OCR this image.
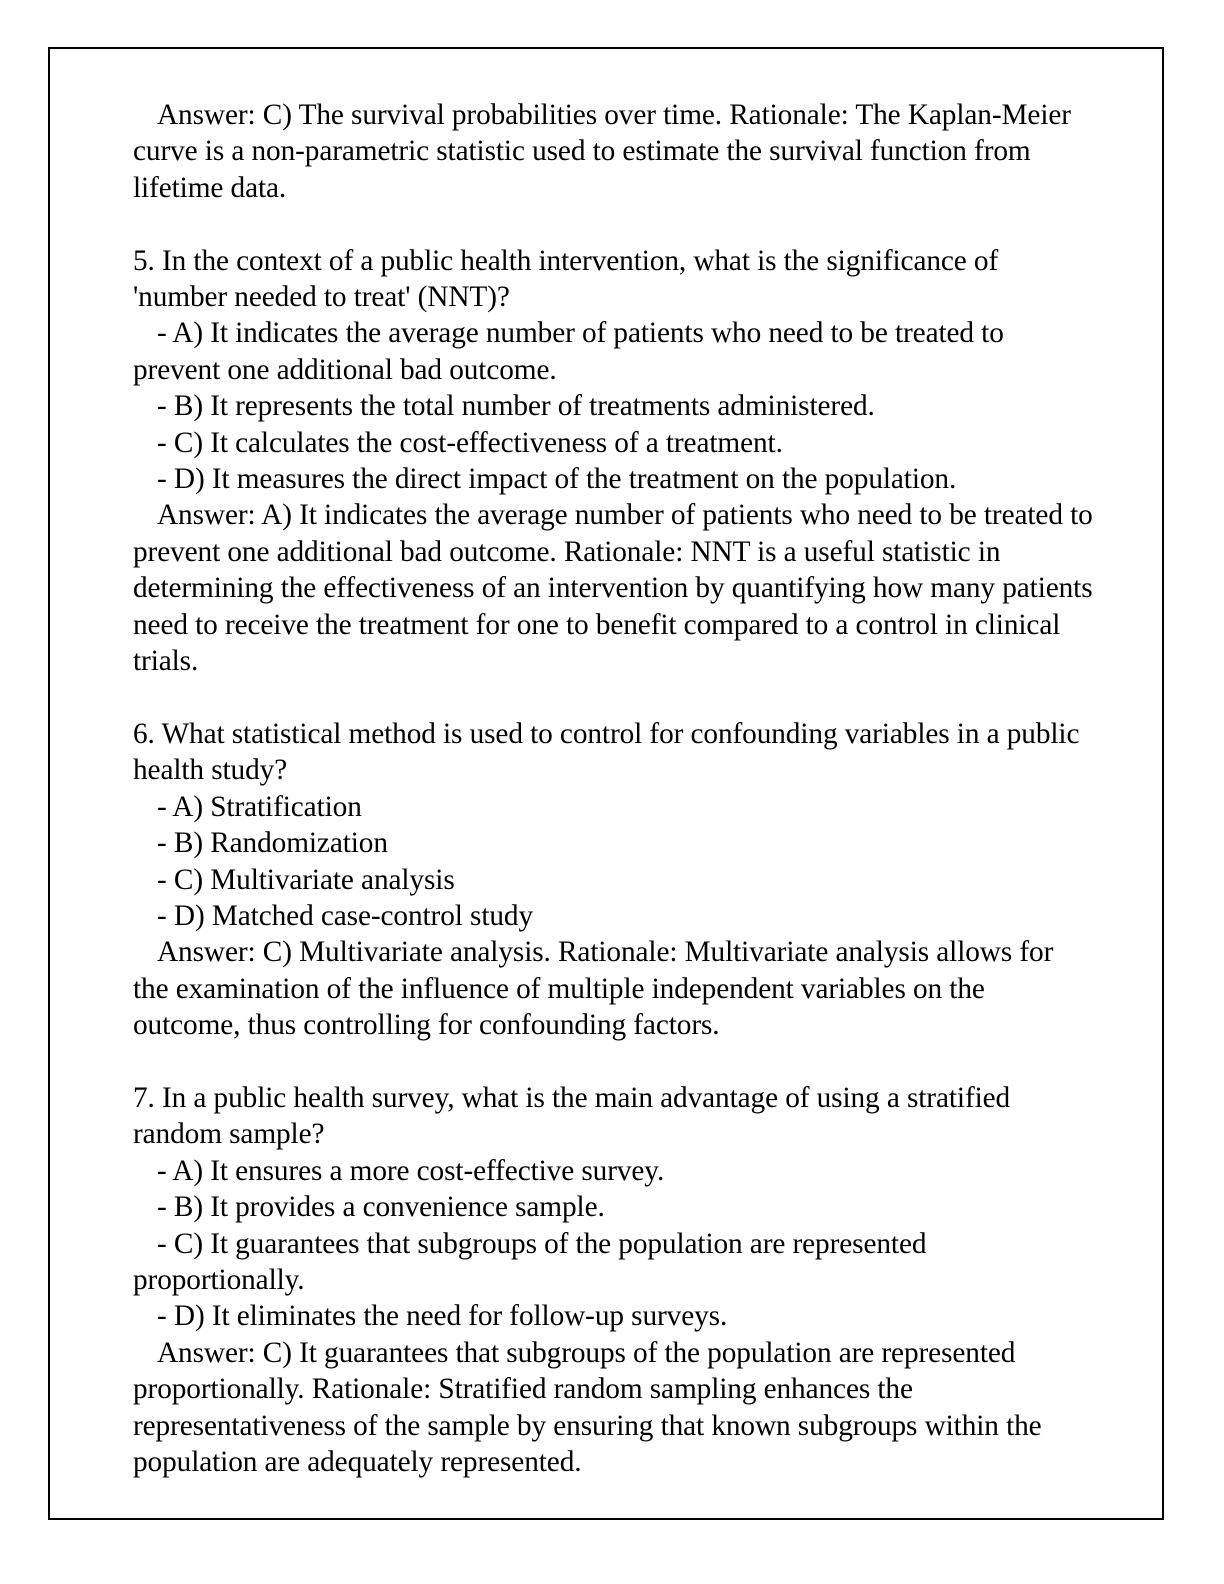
Answer: C) The survival probabilities over time. Rationale: The Kaplan-Meier curve is a non-parametric statistic used to estimate the survival function from lifetime data.

5. In the context of a public health intervention, what is the significance of 'number needed to treat' (NNT)?

- A) It indicates the average number of patients who need to be treated to prevent one additional bad outcome.

- B) It represents the total number of treatments administered.

- C) It calculates the cost-effectiveness of a treatment.

- D) It measures the direct impact of the treatment on the population.

Answer: A) It indicates the average number of patients who need to be treated to prevent one additional bad outcome. Rationale: NNT is a useful statistic in determining the effectiveness of an intervention by quantifying how many patients need to receive the treatment for one to benefit compared to a control in clinical trials.

6. What statistical method is used to control for confounding variables in a public health study?

- A) Stratification

- B) Randomization

- C) Multivariate analysis

- D) Matched case-control study

Answer: C) Multivariate analysis. Rationale: Multivariate analysis allows for the examination of the influence of multiple independent variables on the outcome, thus controlling for confounding factors.

7. In a public health survey, what is the main advantage of using a stratified random sample?

- A) It ensures a more cost-effective survey.

- B) It provides a convenience sample.

- C) It guarantees that subgroups of the population are represented proportionally.

- D) It eliminates the need for follow-up surveys.

Answer: C) It guarantees that subgroups of the population are represented proportionally. Rationale: Stratified random sampling enhances the representativeness of the sample by ensuring that known subgroups within the population are adequately represented.
